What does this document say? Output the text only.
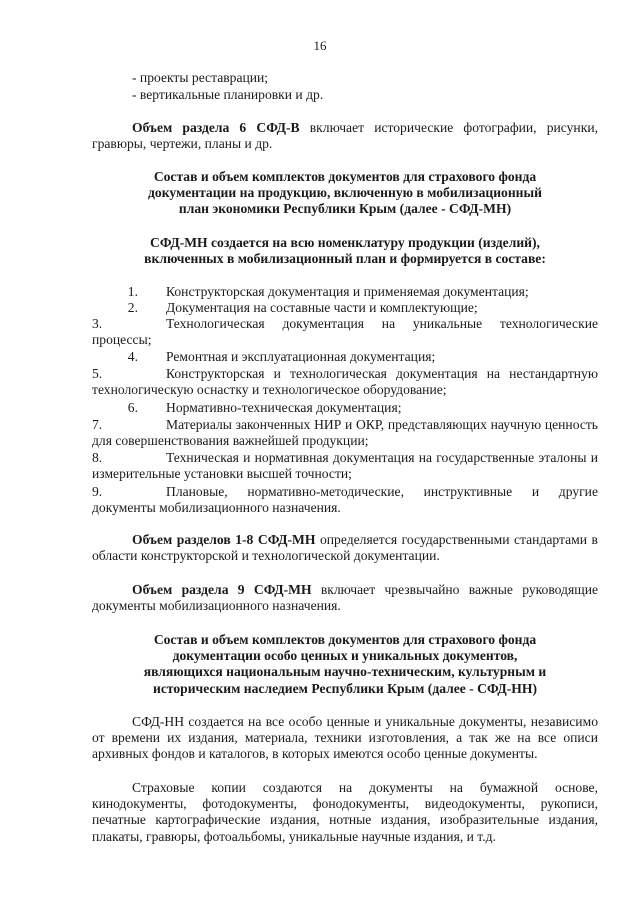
16
- проекты реставрации;
- вертикальные планировки и др.
Объем раздела 6 СФД-В включает исторические фотографии, рисунки, гравюры, чертежи, планы и др.
Состав и объем комплектов документов для страхового фонда
документации на продукцию, включенную в мобилизационный
план экономики Республики Крым (далее - СФД-МН)
СФД-МН создается на всю номенклатуру продукции (изделий),
включенных в мобилизационный план и формируется в составе:
1. Конструкторская документация и применяемая документация;
2. Документация на составные части и комплектующие;
3.	Технологическая документация на уникальные технологические процессы;
4. Ремонтная и эксплуатационная документация;
5.	Конструкторская и технологическая документация на нестандартную технологическую оснастку и технологическое оборудование;
6. Нормативно-техническая документация;
7.	Материалы законченных НИР и ОКР, представляющих научную ценность для совершенствования важнейшей продукции;
8.	Техническая и нормативная документация на государственные эталоны и измерительные установки высшей точности;
9.	Плановые, нормативно-методические, инструктивные и другие документы мобилизационного назначения.
Объем разделов 1-8 СФД-МН определяется государственными стандартами в области конструкторской и технологической документации.
Объем раздела 9 СФД-МН включает чрезвычайно важные руководящие документы мобилизационного назначения.
Состав и объем комплектов документов для страхового фонда
документации особо ценных и уникальных документов,
являющихся национальным научно-техническим, культурным и
историческим наследием Республики Крым (далее - СФД-НН)
СФД-НН создается на все особо ценные и уникальные документы, независимо от времени их издания, материала, техники изготовления, а так же на все описи архивных фондов и каталогов, в которых имеются особо ценные документы.
Страховые копии создаются на документы на бумажной основе, кинодокументы, фотодокументы, фонодокументы, видеодокументы, рукописи, печатные картографические издания, нотные издания, изобразительные издания, плакаты, гравюры, фотоальбомы, уникальные научные издания, и т.д.
